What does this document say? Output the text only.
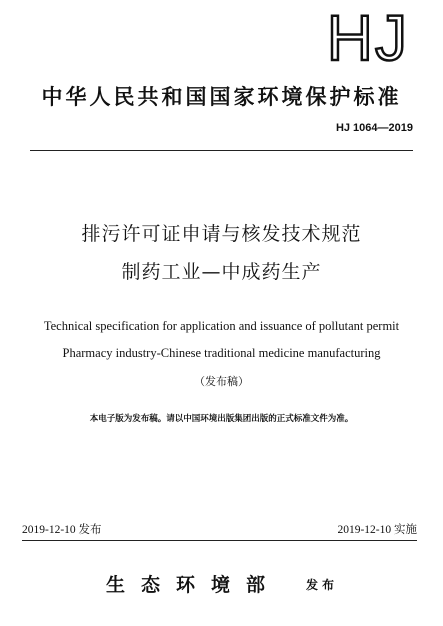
HJ
中华人民共和国国家环境保护标准
HJ 1064—2019
排污许可证申请与核发技术规范
制药工业—中成药生产
Technical specification for application and issuance of pollutant permit
Pharmacy industry-Chinese traditional medicine manufacturing
（发布稿）
本电子版为发布稿。请以中国环境出版集团出版的正式标准文件为准。
2019-12-10 发布	2019-12-10 实施
生态环境部 发布
